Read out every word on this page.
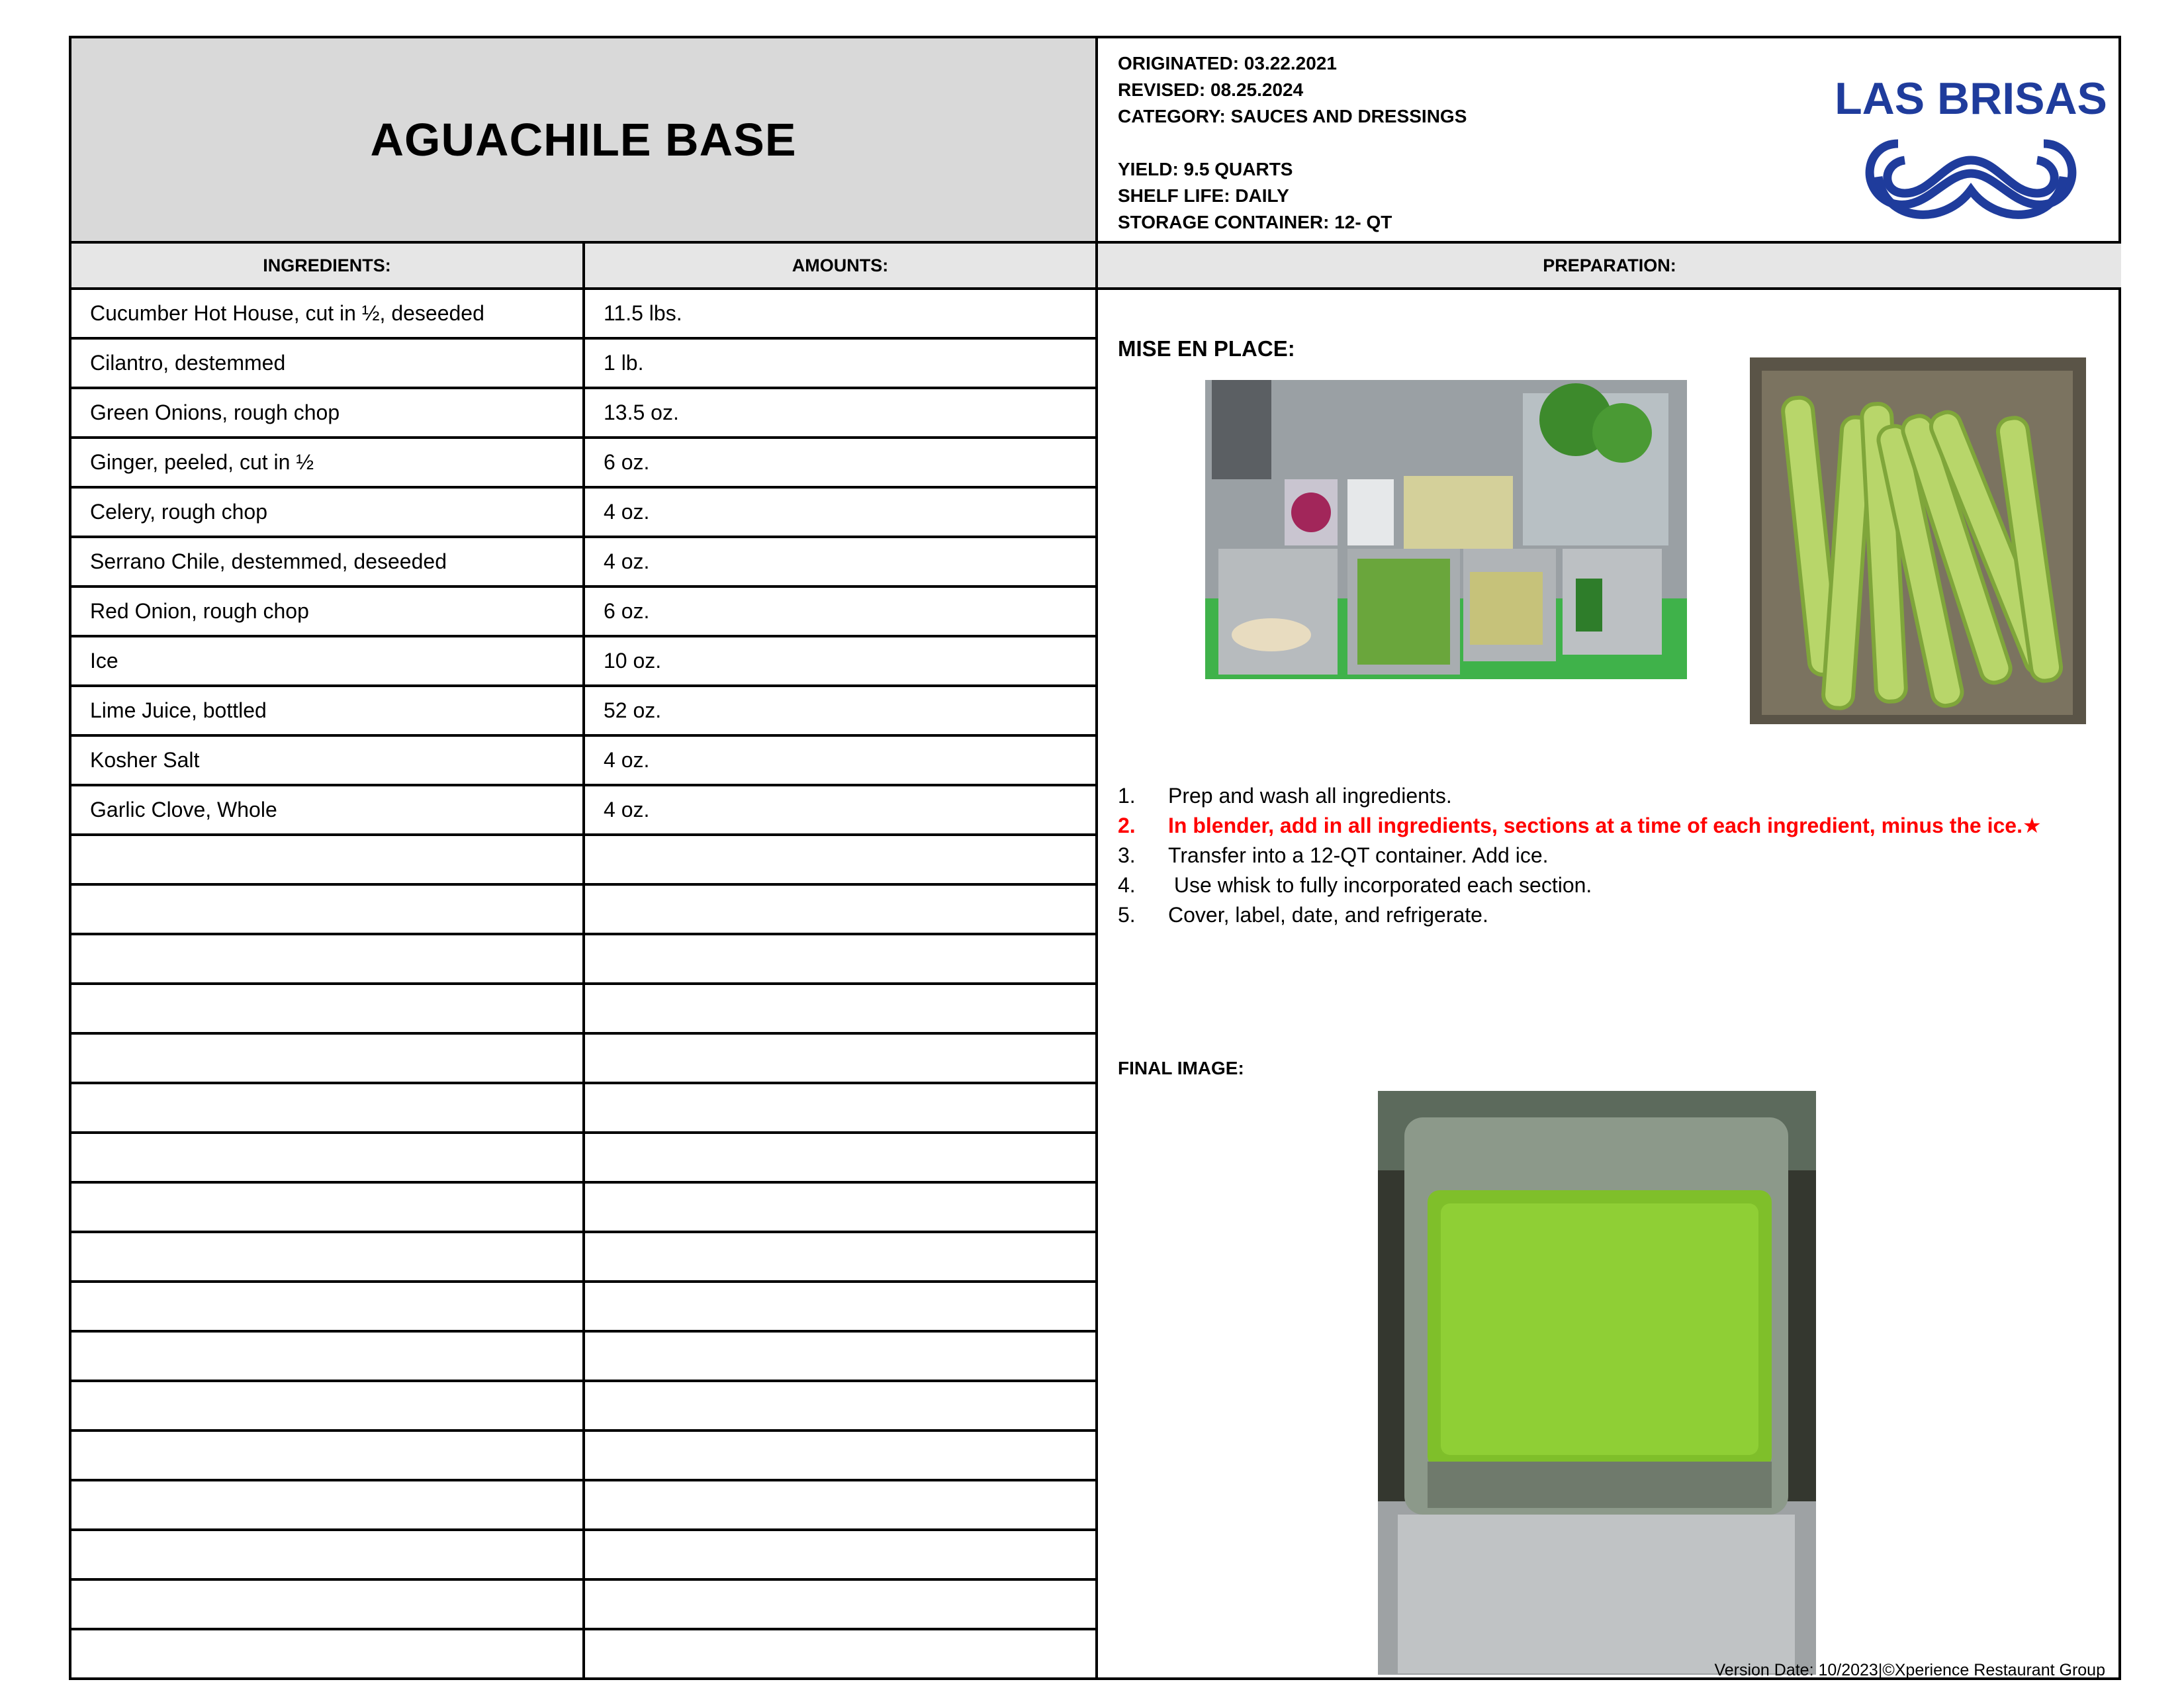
AGUACHILE BASE
ORIGINATED: 03.22.2021
REVISED: 08.25.2024
CATEGORY: SAUCES AND DRESSINGS
YIELD: 9.5 QUARTS
SHELF LIFE: DAILY
STORAGE CONTAINER: 12- QT
LAS BRISAS
INGREDIENTS:	AMOUNTS:	PREPARATION:
Cucumber Hot House, cut in ½, deseeded	11.5 lbs.
Cilantro, destemmed	1 lb.
Green Onions, rough chop	13.5 oz.
Ginger, peeled, cut in ½	6 oz.
Celery, rough chop	4 oz.
Serrano Chile, destemmed, deseeded	4 oz.
Red Onion, rough chop	6 oz.
Ice	10 oz.
Lime Juice, bottled	52 oz.
Kosher Salt	4 oz.
Garlic Clove, Whole	4 oz.
MISE EN PLACE:
1.	Prep and wash all ingredients.
2.	In blender, add in all ingredients, sections at a time of each ingredient, minus the ice.★
3.	Transfer into a 12-QT container. Add ice.
4.	Use whisk to fully incorporated each section.
5.	Cover, label, date, and refrigerate.
FINAL IMAGE:
Version Date: 10/2023|©Xperience Restaurant Group
